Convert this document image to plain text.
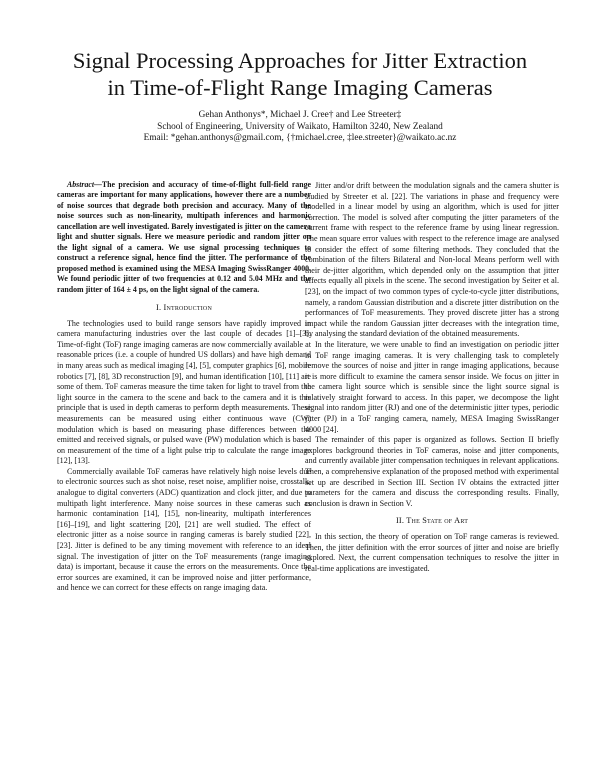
Signal Processing Approaches for Jitter Extraction
in Time-of-Flight Range Imaging Cameras
Gehan Anthonys*, Michael J. Cree† and Lee Streeter‡
School of Engineering, University of Waikato, Hamilton 3240, New Zealand
Email: *gehan.anthonys@gmail.com, {†michael.cree, ‡lee.streeter}@waikato.ac.nz

Abstract—The precision and accuracy of time-of-flight full-field range cameras are important for many applications, however there are a number of noise sources that degrade both precision and accuracy. Many of the noise sources such as non-linearity, multipath inferences and harmonic cancellation are well investigated. Barely investigated is jitter on the camera light and shutter signals. Here we measure periodic and random jitter on the light signal of a camera. We use signal processing techniques to construct a reference signal, hence find the jitter. The performance of the proposed method is examined using the MESA Imaging SwissRanger 4000. We found periodic jitter of two frequencies at 0.12 and 5.04 MHz and the random jitter of 164 ± 4 ps, on the light signal of the camera.

I. Introduction

The technologies used to build range sensors have rapidly improved in camera manufacturing industries over the last couple of decades [1]–[3]. Time-of-fight (ToF) range imaging cameras are now commercially available at reasonable prices (i.e. a couple of hundred US dollars) and have high demand in many areas such as medical imaging [4], [5], computer graphics [6], mobile robotics [7], [8], 3D reconstruction [9], and human identification [10], [11] are some of them. ToF cameras measure the time taken for light to travel from the light source in the camera to the scene and back to the camera and it is this principle that is used in depth cameras to perform depth measurements. These measurements can be measured using either continuous wave (CW) modulation which is based on measuring phase differences between the emitted and received signals, or pulsed wave (PW) modulation which is based on measurement of the time of a light pulse trip to calculate the range image [12], [13].

Commercially available ToF cameras have relatively high noise levels due to electronic sources such as shot noise, reset noise, amplifier noise, crosstalk, analogue to digital converters (ADC) quantization and clock jitter, and due to multipath light interference. Many noise sources in these cameras such as harmonic contamination [14], [15], non-linearity, multipath interferences [16]–[19], and light scattering [20], [21] are well studied. The effect of electronic jitter as a noise source in ranging cameras is barely studied [22], [23]. Jitter is defined to be any timing movement with reference to an ideal signal. The investigation of jitter on the ToF measurements (range imaging data) is important, because it cause the errors on the measurements. Once the error sources are examined, it can be improved noise and jitter performance, and hence we can correct for these effects on range imaging data.

Jitter and/or drift between the modulation signals and the camera shutter is studied by Streeter et al. [22]. The variations in phase and frequency were modelled in a linear model by using an algorithm, which is used for jitter correction. The model is solved after computing the jitter parameters of the current frame with respect to the reference frame by using linear regression. The mean square error values with respect to the reference image are analysed to consider the effect of some filtering methods. They concluded that the combination of the filters Bilateral and Non-local Means perform well with their de-jitter algorithm, which depended only on the assumption that jitter affects equally all pixels in the scene. The second investigation by Seiter et al. [23], on the impact of two common types of cycle-to-cycle jitter distributions, namely, a random Gaussian distribution and a discrete jitter distribution on the performances of ToF measurements. They proved discrete jitter has a strong impact while the random Gaussian jitter decreases with the integration time, by analysing the standard deviation of the obtained measurements.

In the literature, we were unable to find an investigation on periodic jitter in ToF range imaging cameras. It is very challenging task to completely remove the sources of noise and jitter in range imaging applications, because it is more difficult to examine the camera sensor inside. We focus on jitter in the camera light source which is sensible since the light source signal is relatively straight forward to access. In this paper, we decompose the light signal into random jitter (RJ) and one of the deterministic jitter types, periodic jitter (PJ) in a ToF ranging camera, namely, MESA Imaging SwissRanger 4000 [24].

The remainder of this paper is organized as follows. Section II briefly explores background theories in ToF cameras, noise and jitter components, and currently available jitter compensation techniques in relevant applications. Then, a comprehensive explanation of the proposed method with experimental set up are described in Section III. Section IV obtains the extracted jitter parameters for the camera and discuss the corresponding results. Finally, conclusion is drawn in Section V.

II. The State of Art

In this section, the theory of operation on ToF range cameras is reviewed. Then, the jitter definition with the error sources of jitter and noise are briefly explored. Next, the current compensation techniques to resolve the jitter in real-time applications are investigated.
